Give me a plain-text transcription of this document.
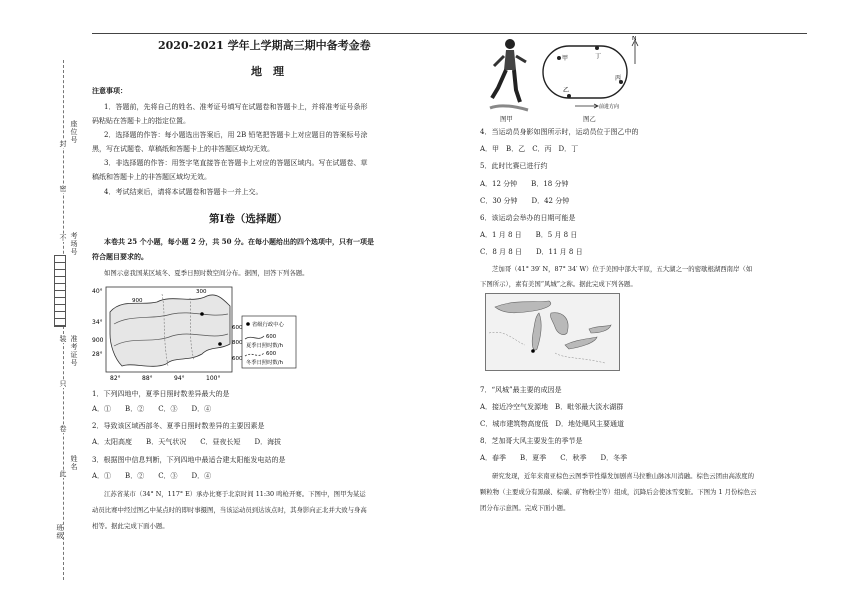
封
密
不
装
只
卷
此
座位号
考场号
准考证号
姓名
班级
2020-2021 学年上学期高三期中备考金卷
地　理
注意事项：
1．答题前，先将自己的姓名、准考证号填写在试题卷和答题卡上，并将准考证号条形
码粘贴在答题卡上的指定位置。
2．选择题的作答：每小题选出答案后，用 2B 铅笔把答题卡上对应题目的答案标号涂
黑，写在试题卷、草稿纸和答题卡上的非答题区域均无效。
3．非选择题的作答：用签字笔直接答在答题卡上对应的答题区域内。写在试题卷、草
稿纸和答题卡上的非答题区域均无效。
4．考试结束后，请将本试题卷和答题卡一并上交。
第Ⅰ卷（选择题）
本卷共 25 个小题，每小题 2 分，共 50 分。在每小题给出的四个选项中，只有一项是
符合题目要求的。
如图示意我国某区域冬、夏季日照时数空间分布。据图，回答下列各题。
40°
34°
900
28°
82°	88°	94°	100°
300
900
600
800
600
省级行政中心
600
夏季日照时数/h
600
冬季日照时数/h
1．下列四地中，夏季日照时数差异最大的是
A．①　　B．②　　C．③　　D．④
2．导致该区域西部冬、夏季日照时数差异的主要因素是
A．太阳高度　　B．天气状况　　C．昼夜长短　　D．海拔
3．根据图中信息判断，下列四地中最适合建太阳能发电站的是
A．①　　B．②　　C．③　　D．④
江苏省某市（34° N，117° E）承办比赛于北京时间 11:30 鸣枪开赛。下图中，图甲为某运
动员比赛中经过图乙中某点时的即时事摄图，当该运动员到达该点时，其身影向正北并大致与身高
相等。据此完成下面小题。
图甲
甲	丁
乙
丙
N
前进方向
图乙
4．当运动员身影如图所示时，运动员位于图乙中的
A．甲　B．乙　C．丙　D．丁
5．此时比赛已进行约
A．12 分钟　　B．18 分钟
C．30 分钟　　D．42 分钟
6．该运动会举办的日期可能是
A．1 月 8 日　　B．5 月 8 日
C．8 月 8 日　　D．11 月 8 日
芝加哥（41° 39′ N，87° 34′ W）位于美国中部大平原，五大湖之一的密歇根湖西南岸（如
下图所示），素有美国“风城”之称。据此完成下列各题。
7．“风城”最主要的成因是
A．接近冷空气发源地　B．毗邻最大淡水湖群
C．城市建筑物高度低　D．地处飓风主要通道
8．芝加哥大风主要发生的季节是
A．春季　　B．夏季　　C．秋季　　D．冬季
研究发现，近年来南亚棕色云图季节性爆发加剧喜马拉雅山脉冰川消融。棕色云团由高浓度的
颗粒物（主要成分有黑碳、棕碳、矿物粉尘等）组成，沉降后会使冰雪变脏。下图为 1 月份棕色云
团分布示意图。完成下面小题。
